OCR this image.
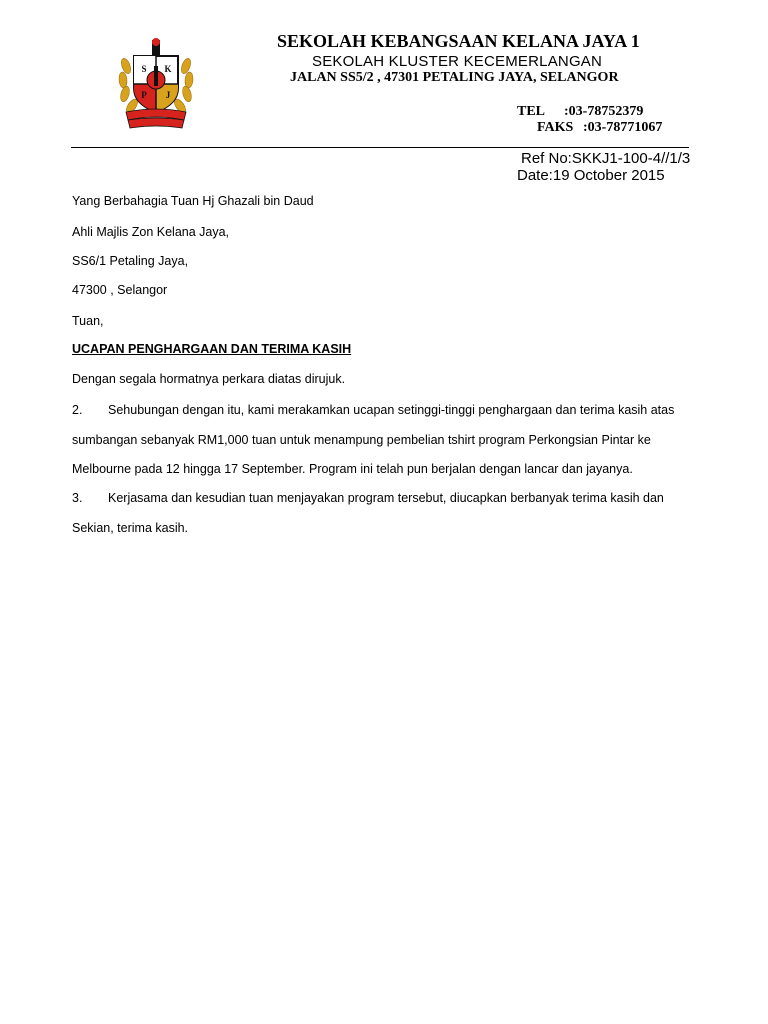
S K
P J
SEKOLAH KEBANGSAAN KELANA JAYA 1
SEKOLAH KLUSTER KECEMERLANGAN
JALAN SS5/2 , 47301 PETALING JAYA, SELANGOR
TEL :03-78752379
FAKS :03-78771067
Ref No:SKKJ1-100-4//1/3
Date:19 October 2015
Yang Berbahagia Tuan Hj Ghazali bin Daud
Ahli Majlis Zon Kelana Jaya,
SS6/1 Petaling Jaya,
47300 , Selangor
Tuan,
UCAPAN PENGHARGAAN DAN TERIMA KASIH
Dengan segala hormatnya perkara diatas dirujuk.
2. Sehubungan dengan itu, kami merakamkan ucapan setinggi-tinggi penghargaan dan terima kasih atas
sumbangan sebanyak RM1,000 tuan untuk menampung pembelian tshirt program Perkongsian Pintar ke
Melbourne pada 12 hingga 17 September. Program ini telah pun berjalan dengan lancar dan jayanya.
3. Kerjasama dan kesudian tuan menjayakan program tersebut, diucapkan berbanyak terima kasih dan
Sekian, terima kasih.
